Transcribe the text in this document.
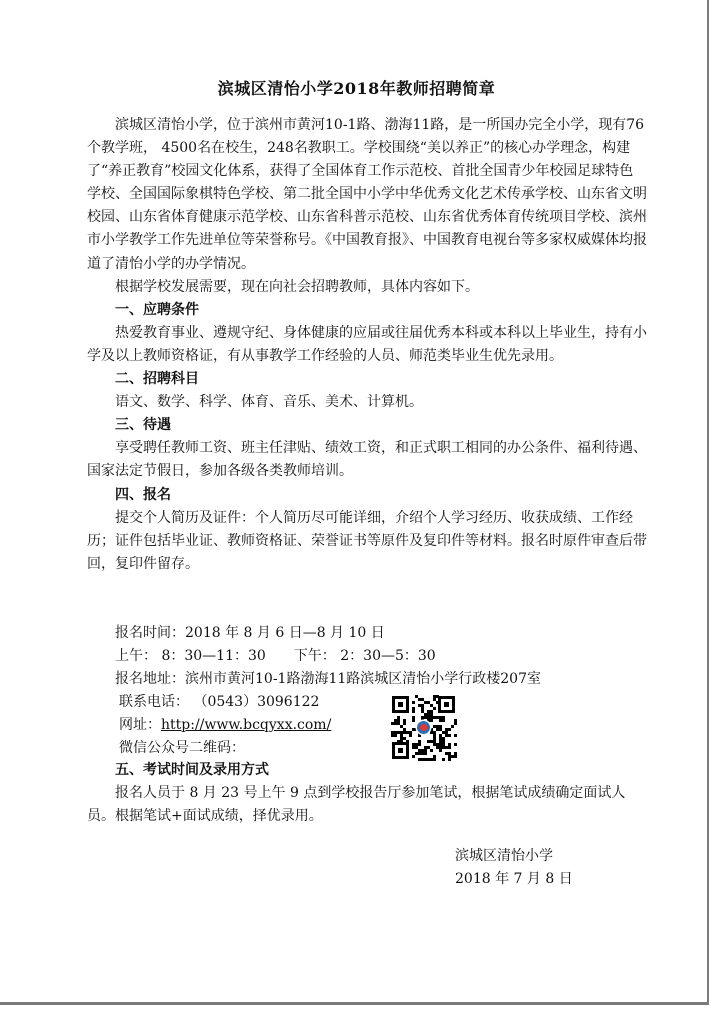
滨城区清怡小学2018年教师招聘简章

滨城区清怡小学，位于滨州市黄河10-1路、渤海11路，是一所国办完全小学，现有76个教学班， 4500名在校生，248名教职工。学校围绕“美以养正”的核心办学理念，构建了“养正教育”校园文化体系，获得了全国体育工作示范校、首批全国青少年校园足球特色学校、全国国际象棋特色学校、第二批全国中小学中华优秀文化艺术传承学校、山东省文明校园、山东省体育健康示范学校、山东省科普示范校、山东省优秀体育传统项目学校、滨州市小学教学工作先进单位等荣誉称号。《中国教育报》、中国教育电视台等多家权威媒体均报道了清怡小学的办学情况。

根据学校发展需要，现在向社会招聘教师，具体内容如下。

一、应聘条件

热爱教育事业、遵规守纪、身体健康的应届或往届优秀本科或本科以上毕业生，持有小学及以上教师资格证，有从事教学工作经验的人员、师范类毕业生优先录用。

二、招聘科目

语文、数学、科学、体育、音乐、美术、计算机。

三、待遇

享受聘任教师工资、班主任津贴、绩效工资，和正式职工相同的办公条件、福利待遇、国家法定节假日，参加各级各类教师培训。

四、报名

提交个人简历及证件：个人简历尽可能详细，介绍个人学习经历、收获成绩、工作经历；证件包括毕业证、教师资格证、荣誉证书等原件及复印件等材料。报名时原件审查后带回，复印件留存。

报名时间：2018 年 8 月 6 日—8 月 10 日
上午： 8：30—11：30　　下午： 2：30—5：30
报名地址：滨州市黄河10-1路渤海11路滨城区清怡小学行政楼207室
联系电话： （0543）3096122
网址：http://www.bcqyxx.com/
微信公众号二维码：

五、考试时间及录用方式

报名人员于 8 月 23 号上午 9 点到学校报告厅参加笔试，根据笔试成绩确定面试人员。根据笔试+面试成绩，择优录用。

滨城区清怡小学
2018 年 7 月 8 日
